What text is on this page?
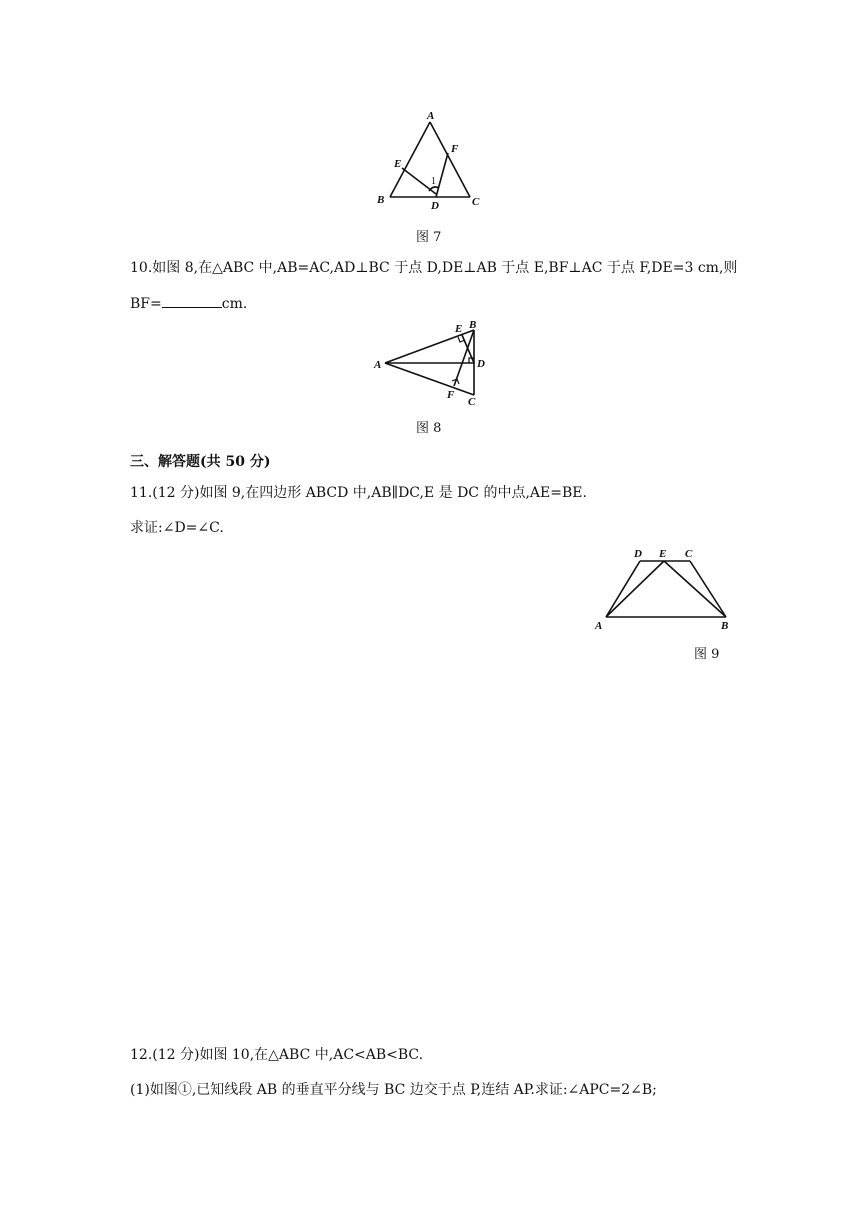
A
B	C
D
E
F
1
图 7
10.如图 8,在△ABC 中,AB=AC,AD⊥BC 于点 D,DE⊥AB 于点 E,BF⊥AC 于点 F,DE=3 cm,则
BF=	cm.
A
B
C
D
E
F
图 8
三、解答题(共 50 分)
11.(12 分)如图 9,在四边形 ABCD 中,AB∥DC,E 是 DC 的中点,AE=BE.
求证:∠D=∠C.
A	B
C
D E
图 9
12.(12 分)如图 10,在△ABC 中,AC<AB<BC.
(1)如图①,已知线段 AB 的垂直平分线与 BC 边交于点 P,连结 AP.求证:∠APC=2∠B;
